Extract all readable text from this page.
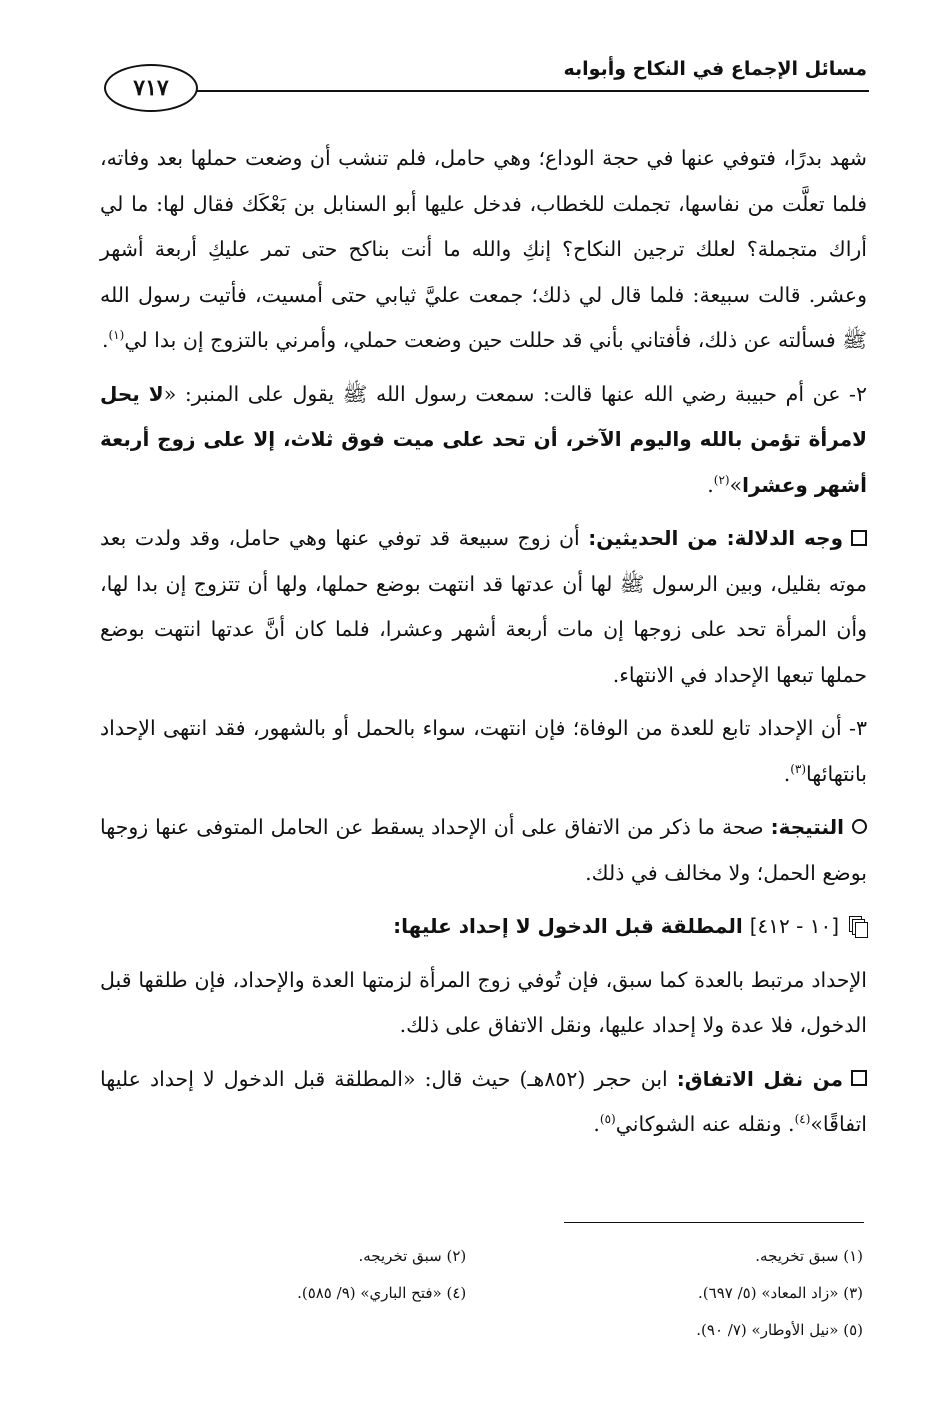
مسائل الإجماع في النكاح وأبوابه
٧١٧

شهد بدرًا، فتوفي عنها في حجة الوداع؛ وهي حامل، فلم تنشب أن وضعت حملها بعد وفاته، فلما تعلَّت من نفاسها، تجملت للخطاب، فدخل عليها أبو السنابل بن بَعْكَك فقال لها: ما لي أراك متجملة؟ لعلك ترجين النكاح؟ إنكِ والله ما أنت بناكح حتى تمر عليكِ أربعة أشهر وعشر. قالت سبيعة: فلما قال لي ذلك؛ جمعت عليَّ ثيابي حتى أمسيت، فأتيت رسول الله ﷺ فسألته عن ذلك، فأفتاني بأني قد حللت حين وضعت حملي، وأمرني بالتزوج إن بدا لي$^{(١)}$.

٢- عن أم حبيبة رضي الله عنها قالت: سمعت رسول الله ﷺ يقول على المنبر: «لا يحل لامرأة تؤمن بالله واليوم الآخر، أن تحد على ميت فوق ثلاث، إلا على زوج أربعة أشهر وعشرا»$^{(٢)}$.

وجه الدلالة: من الحديثين: أن زوج سبيعة قد توفي عنها وهي حامل، وقد ولدت بعد موته بقليل، وبين الرسول ﷺ لها أن عدتها قد انتهت بوضع حملها، ولها أن تتزوج إن بدا لها، وأن المرأة تحد على زوجها إن مات أربعة أشهر وعشرا، فلما كان أنَّ عدتها انتهت بوضع حملها تبعها الإحداد في الانتهاء.

٣- أن الإحداد تابع للعدة من الوفاة؛ فإن انتهت، سواء بالحمل أو بالشهور، فقد انتهى الإحداد بانتهائها$^{(٣)}$.

النتيجة: صحة ما ذكر من الاتفاق على أن الإحداد يسقط عن الحامل المتوفى عنها زوجها بوضع الحمل؛ ولا مخالف في ذلك.

[١٠ - ٤١٢] المطلقة قبل الدخول لا إحداد عليها:

الإحداد مرتبط بالعدة كما سبق، فإن تُوفي زوج المرأة لزمتها العدة والإحداد، فإن طلقها قبل الدخول، فلا عدة ولا إحداد عليها، ونقل الاتفاق على ذلك.

من نقل الاتفاق: ابن حجر (٨٥٢هـ) حيث قال: «المطلقة قبل الدخول لا إحداد عليها اتفاقًا»$^{(٤)}$. ونقله عنه الشوكاني$^{(٥)}$.

(١) سبق تخريجه.
(٢) سبق تخريجه.
(٣) «زاد المعاد» (٥/ ٦٩٧).
(٤) «فتح الباري» (٩/ ٥٨٥).
(٥) «نيل الأوطار» (٧/ ٩٠).
